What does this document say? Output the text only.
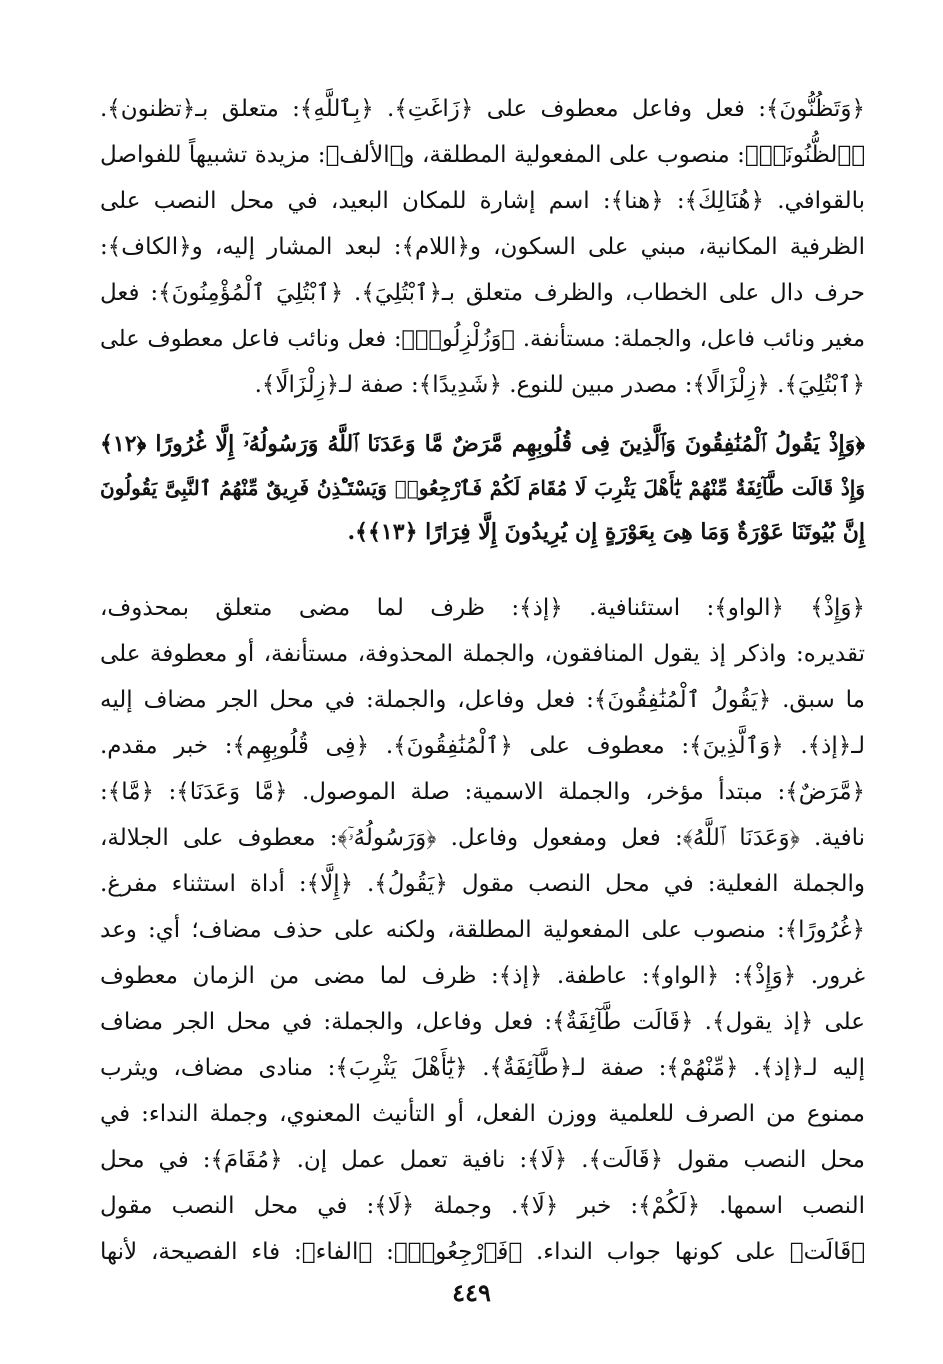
﴿وَتَظُنُّونَ﴾: فعل وفاعل معطوف على ﴿زَاغَتِ﴾. ﴿بِٱللَّهِ﴾: متعلق بـ﴿تظنون﴾.
﴿ٱلظُّنُونَا۠﴾: منصوب على المفعولية المطلقة، و﴿الألف﴾: مزيدة تشبيهاً للفواصل
بالقوافي. ﴿هُنَالِكَ﴾: ﴿هنا﴾: اسم إشارة للمكان البعيد، في محل النصب على
الظرفية المكانية، مبني على السكون، و﴿اللام﴾: لبعد المشار إليه، و﴿الكاف﴾:
حرف دال على الخطاب، والظرف متعلق بـ﴿ٱبْتُلِيَ﴾. ﴿ٱبْتُلِيَ ٱلْمُؤْمِنُونَ﴾: فعل
مغير ونائب فاعل، والجملة: مستأنفة. ﴿وَزُلْزِلُوا۟﴾: فعل ونائب فاعل معطوف على
﴿ٱبْتُلِيَ﴾. ﴿زِلْزَالًا﴾: مصدر مبين للنوع. ﴿شَدِيدًا﴾: صفة لـ﴿زِلْزَالًا﴾.
﴿وَإِذْ يَقُولُ ٱلْمُنَٰفِقُونَ وَٱلَّذِينَ فِى قُلُوبِهِم مَّرَضٌ مَّا وَعَدَنَا ٱللَّهُ وَرَسُولُهُۥٓ إِلَّا غُرُورًا ﴿١٢﴾
وَإِذْ قَالَت طَّآئِفَةٌ مِّنْهُمْ يَٰٓأَهْلَ يَثْرِبَ لَا مُقَامَ لَكُمْ فَٱرْجِعُوا۟ وَيَسْتَـْٔذِنُ فَرِيقٌ مِّنْهُمُ ٱلنَّبِىَّ يَقُولُونَ
إِنَّ بُيُوتَنَا عَوْرَةٌ وَمَا هِىَ بِعَوْرَةٍ إِن يُرِيدُونَ إِلَّا فِرَارًا ﴿١٣﴾﴾.
﴿وَإِذْ﴾ ﴿الواو﴾: استئنافية. ﴿إذ﴾: ظرف لما مضى متعلق بمحذوف،
تقديره: واذكر إذ يقول المنافقون، والجملة المحذوفة، مستأنفة، أو معطوفة على
ما سبق. ﴿يَقُولُ ٱلْمُنَٰفِقُونَ﴾: فعل وفاعل، والجملة: في محل الجر مضاف إليه
لـ﴿إذ﴾. ﴿وَٱلَّذِينَ﴾: معطوف على ﴿ٱلْمُنَٰفِقُونَ﴾. ﴿فِى قُلُوبِهِم﴾: خبر مقدم.
﴿مَّرَضٌ﴾: مبتدأ مؤخر، والجملة الاسمية: صلة الموصول. ﴿مَّا وَعَدَنَا﴾: ﴿مَّا﴾:
نافية. ﴿وَعَدَنَا ٱللَّهُ﴾: فعل ومفعول وفاعل. ﴿وَرَسُولُهُۥٓ﴾: معطوف على الجلالة،
والجملة الفعلية: في محل النصب مقول ﴿يَقُولُ﴾. ﴿إِلَّا﴾: أداة استثناء مفرغ.
﴿غُرُورًا﴾: منصوب على المفعولية المطلقة، ولكنه على حذف مضاف؛ أي: وعد
غرور. ﴿وَإِذْ﴾: ﴿الواو﴾: عاطفة. ﴿إذ﴾: ظرف لما مضى من الزمان معطوف
على ﴿إذ يقول﴾. ﴿قَالَت طَّآئِفَةٌ﴾: فعل وفاعل، والجملة: في محل الجر مضاف
إليه لـ﴿إذ﴾. ﴿مِّنْهُمْ﴾: صفة لـ﴿طَّآئِفَةٌ﴾. ﴿يَٰٓأَهْلَ يَثْرِبَ﴾: منادى مضاف، ويثرب
ممنوع من الصرف للعلمية ووزن الفعل، أو التأنيث المعنوي، وجملة النداء: في
محل النصب مقول ﴿قَالَت﴾. ﴿لَا﴾: نافية تعمل عمل إن. ﴿مُقَامَ﴾: في محل
النصب اسمها. ﴿لَكُمْ﴾: خبر ﴿لَا﴾. وجملة ﴿لَا﴾: في محل النصب مقول
﴿قَالَت﴾ على كونها جواب النداء. ﴿فَٱرْجِعُوا۟﴾: ﴿الفاء﴾: فاء الفصيحة، لأنها
٤٤٩
